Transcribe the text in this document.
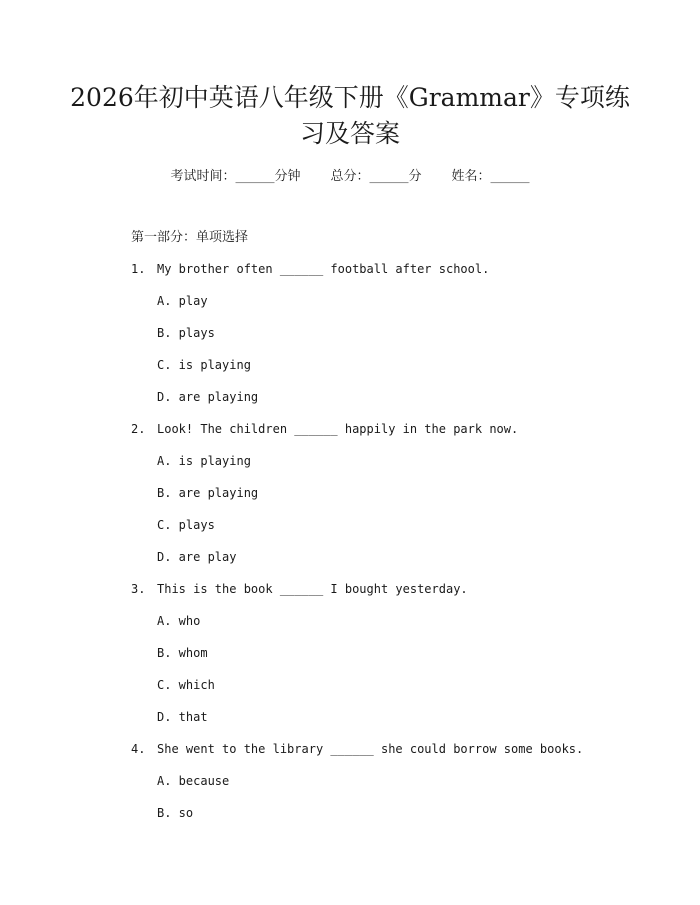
2026年初中英语八年级下册《Grammar》专项练习及答案
考试时间：______分钟 总分：______分 姓名：______
第一部分：单项选择
1. My brother often ______ football after school.
A. play
B. plays
C. is playing
D. are playing
2. Look! The children ______ happily in the park now.
A. is playing
B. are playing
C. plays
D. are play
3. This is the book ______ I bought yesterday.
A. who
B. whom
C. which
D. that
4. She went to the library ______ she could borrow some books.
A. because
B. so
